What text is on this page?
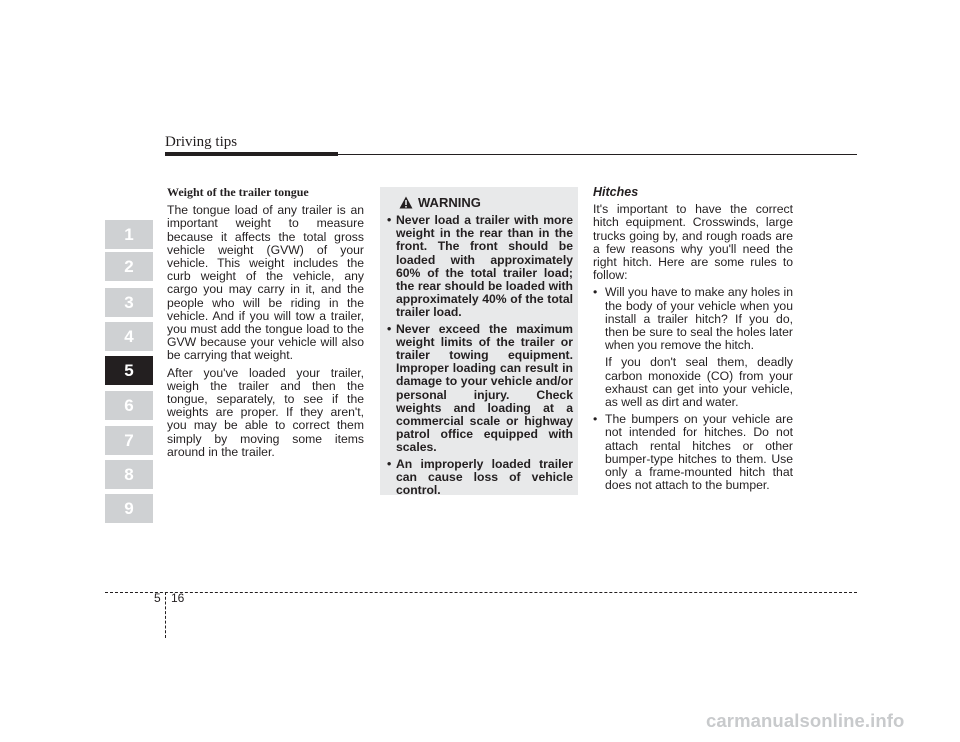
Driving tips
1
2
3
4
5
6
7
8
9
Weight of the trailer tongue

The tongue load of any trailer is an important weight to measure because it affects the total gross vehicle weight (GVW) of your vehicle. This weight includes the curb weight of the vehicle, any cargo you may carry in it, and the people who will be riding in the vehicle. And if you will tow a trailer, you must add the tongue load to the GVW because your vehicle will also be carrying that weight.

After you've loaded your trailer, weigh the trailer and then the tongue, separately, to see if the weights are proper. If they aren't, you may be able to correct them simply by moving some items around in the trailer.

WARNING
• Never load a trailer with more weight in the rear than in the front. The front should be loaded with approximately 60% of the total trailer load; the rear should be loaded with approximately 40% of the total trailer load.
• Never exceed the maximum weight limits of the trailer or trailer towing equipment. Improper loading can result in damage to your vehicle and/or personal injury. Check weights and loading at a commercial scale or highway patrol office equipped with scales.
• An improperly loaded trailer can cause loss of vehicle control.
Hitches

It's important to have the correct hitch equipment. Crosswinds, large trucks going by, and rough roads are a few reasons why you'll need the right hitch. Here are some rules to follow:

• Will you have to make any holes in the body of your vehicle when you install a trailer hitch? If you do, then be sure to seal the holes later when you remove the hitch.

If you don't seal them, deadly carbon monoxide (CO) from your exhaust can get into your vehicle, as well as dirt and water.

• The bumpers on your vehicle are not intended for hitches. Do not attach rental hitches or other bumper-type hitches to them. Use only a frame-mounted hitch that does not attach to the bumper.

5 16
carmanualsonline.info
